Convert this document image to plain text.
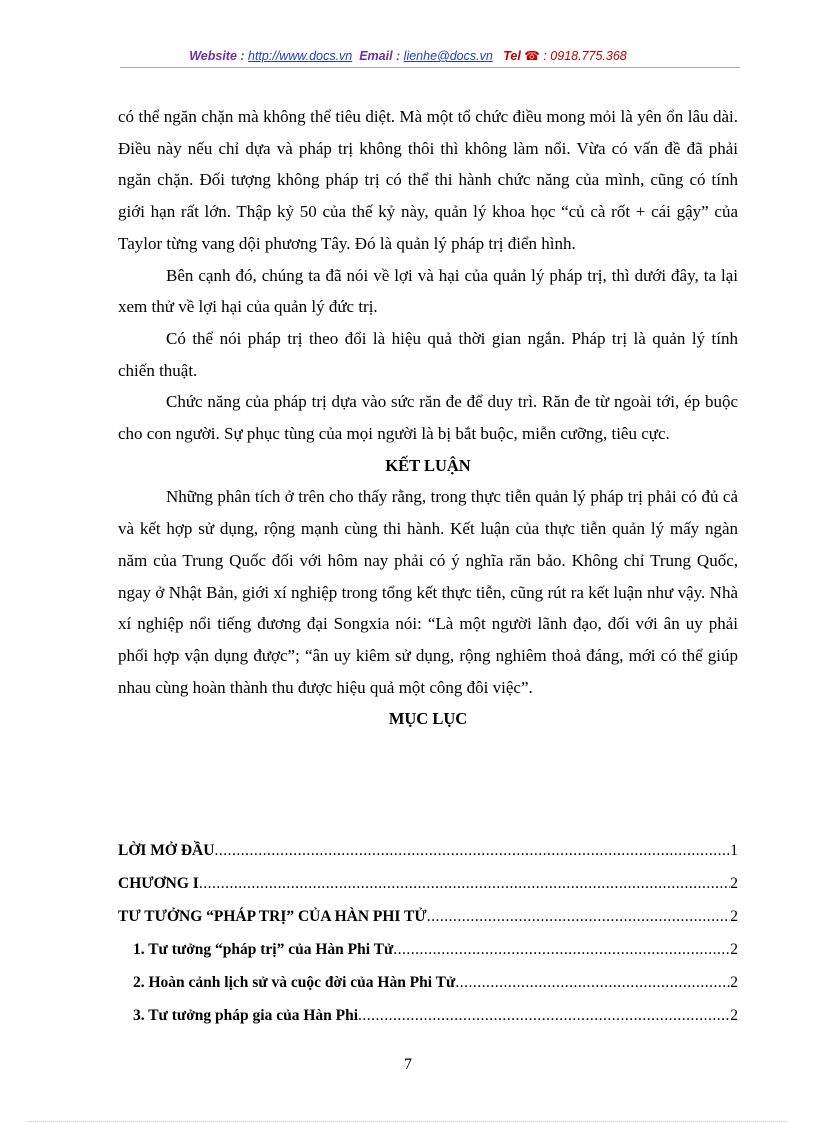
Website : http://www.docs.vn Email : lienhe@docs.vn Tel ☎ : 0918.775.368

có thể ngăn chặn mà không thể tiêu diệt. Mà một tổ chức điều mong mỏi là yên ổn lâu dài. Điều này nếu chỉ dựa và pháp trị không thôi thì không làm nổi. Vừa có vấn đề đã phải ngăn chặn. Đối tượng không pháp trị có thể thi hành chức năng của mình, cũng có tính giới hạn rất lớn. Thập kỷ 50 của thế kỷ này, quản lý khoa học “củ cà rốt + cái gậy” của Taylor từng vang dội phương Tây. Đó là quản lý pháp trị điển hình.

Bên cạnh đó, chúng ta đã nói về lợi và hại của quản lý pháp trị, thì dưới đây, ta lại xem thử về lợi hại của quản lý đức trị.

Có thể nói pháp trị theo đổi là hiệu quả thời gian ngắn. Pháp trị là quản lý tính chiến thuật.

Chức năng của pháp trị dựa vào sức răn đe để duy trì. Răn đe từ ngoài tới, ép buộc cho con người. Sự phục tùng của mọi người là bị bắt buộc, miễn cưỡng, tiêu cực.

KẾT LUẬN

Những phân tích ở trên cho thấy rằng, trong thực tiễn quản lý pháp trị phải có đủ cả và kết hợp sử dụng, rộng mạnh cùng thi hành. Kết luận của thực tiễn quản lý mấy ngàn năm của Trung Quốc đối với hôm nay phải có ý nghĩa răn bảo. Không chỉ Trung Quốc, ngay ở Nhật Bản, giới xí nghiệp trong tổng kết thực tiễn, cũng rút ra kết luận như vậy. Nhà xí nghiệp nổi tiếng đương đại Songxia nói: “Là một người lãnh đạo, đối với ân uy phải phối hợp vận dụng được”; “ân uy kiêm sử dụng, rộng nghiêm thoả đáng, mới có thể giúp nhau cùng hoàn thành thu được hiệu quả một công đôi việc”.

MỤC LỤC
LỜI MỞ ĐẦU .....	1
CHƯƠNG I .....	2
TƯ TƯỞNG “PHÁP TRỊ” CỦA HÀN PHI TỬ .....	2
1. Tư tưởng “pháp trị” của Hàn Phi Tử .....	2
2. Hoàn cảnh lịch sử và cuộc đời của Hàn Phi Tử .....	2
3. Tư tưởng pháp gia của Hàn Phi .....	2
7
